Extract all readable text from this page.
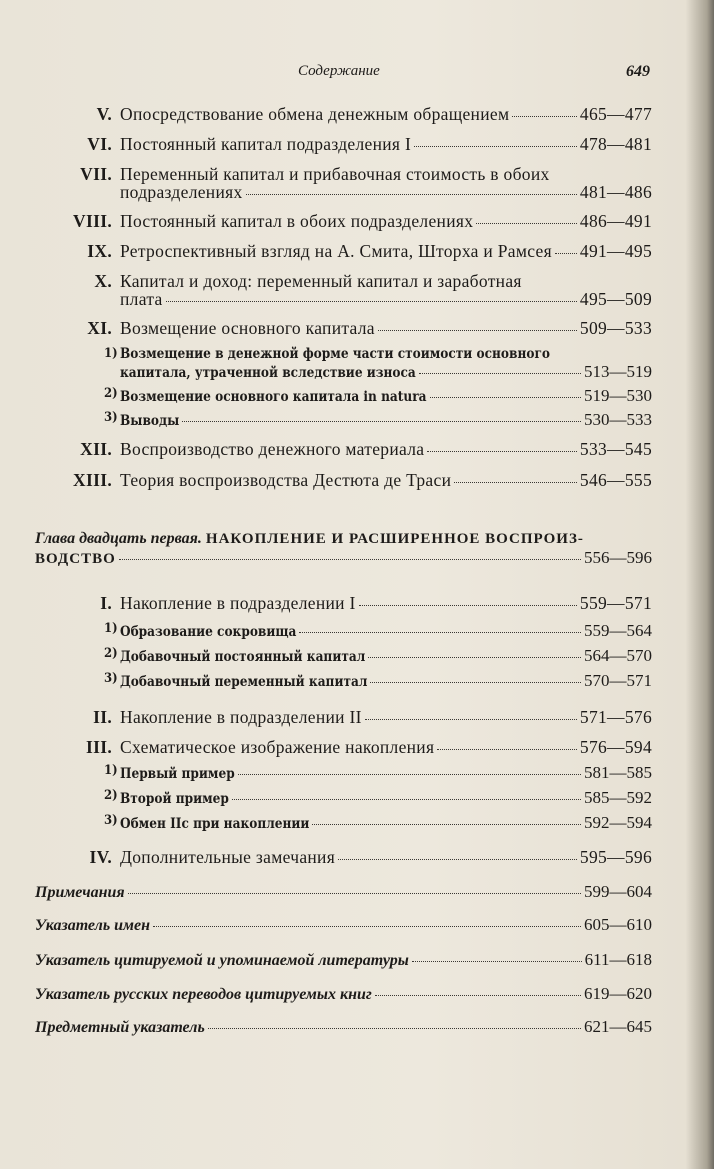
Содержание	649
V. Опосредствование обмена денежным обращением	465—477
VI. Постоянный капитал подразделения I	478—481
VII. Переменный капитал и прибавочная стоимость в обоих
подразделениях	481—486
VIII. Постоянный капитал в обоих подразделениях	486—491
IX. Ретроспективный взгляд на А. Смита, Шторха и Рамсея 491—495
X. Капитал и доход: переменный капитал и заработная
плата	495—509
XI. Возмещение основного капитала	509—533
1) Возмещение в денежной форме части стоимости основного
капитала, утраченной вследствие износа	513—519
2) Возмещение основного капитала in natura	519—530
3) Выводы	530—533
XII. Воспроизводство денежного материала	533—545
XIII. Теория воспроизводства Дестюта де Траси	546—555
I. Накопление в подразделении I	559—571
1) Образование сокровища	559—564
2) Добавочный постоянный капитал	564—570
3) Добавочный переменный капитал	570—571
II. Накопление в подразделении II	571—576
III. Схематическое изображение накопления	576—594
1) Первый пример	581—585
2) Второй пример	585—592
3) Обмен IIc при накоплении	592—594
IV. Дополнительные замечания	595—596
Примечания	599—604
Указатель имен	605—610
Указатель цитируемой и упоминаемой литературы	611—618
Указатель русских переводов цитируемых книг	619—620
Предметный указатель	621—645
Глава двадцать первая. НАКОПЛЕНИЕ И РАСШИРЕННОЕ ВОСПРОИЗ-
ВОДСТВО	556—596
